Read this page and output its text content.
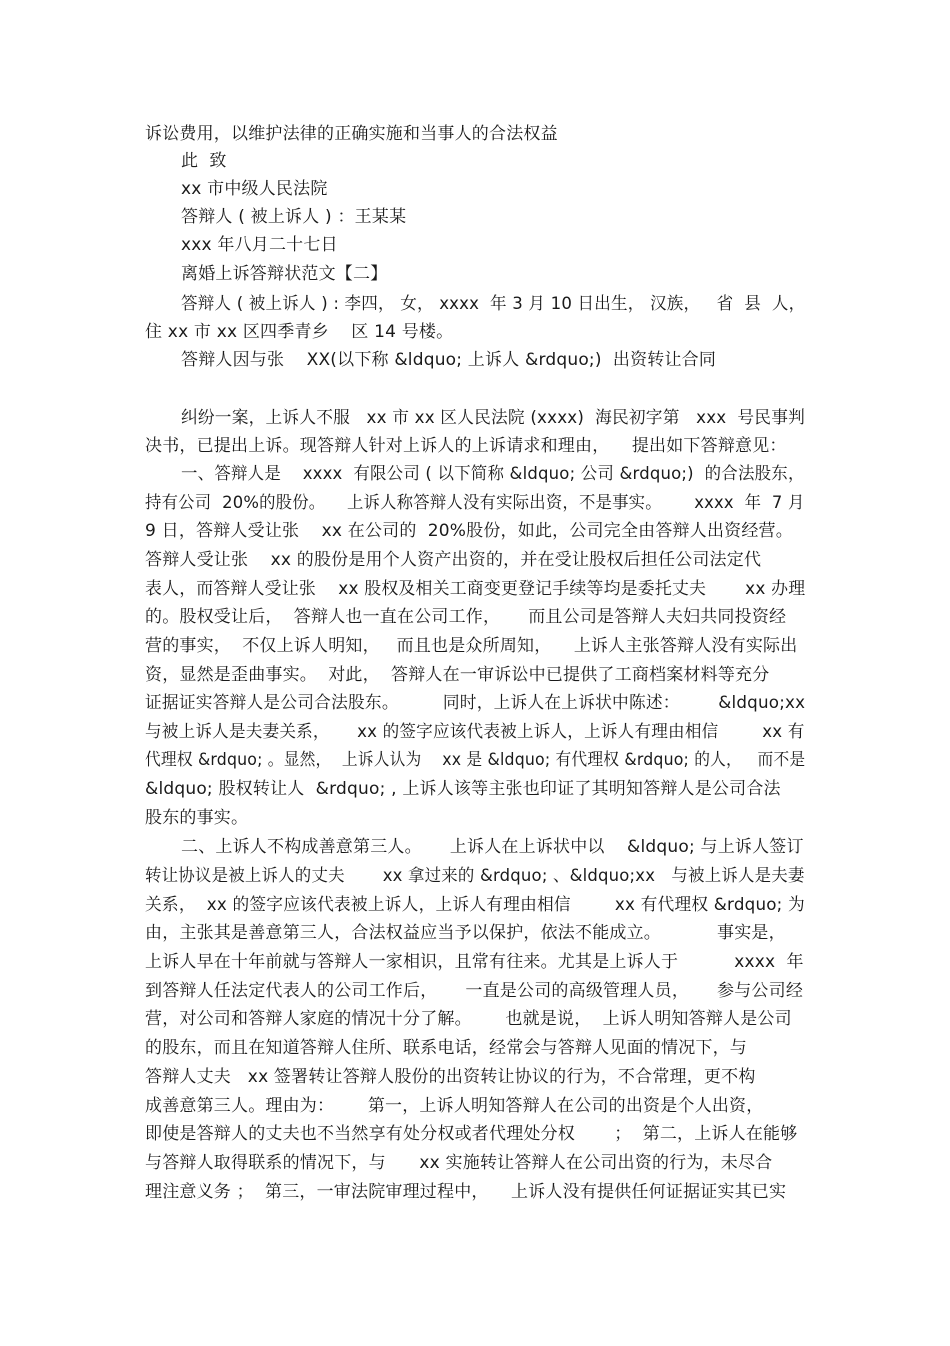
诉讼费用，以维护法律的正确实施和当事人的合法权益
此  致
xx 市中级人民法院
答辩人 ( 被上诉人 ) ：王某某
xxx 年八月二十七日
离婚上诉答辩状范文【二】
答辩人 ( 被上诉人 ) : 李四， 女， xxxx  年 3 月 10 日出生， 汉族，   省  县  人，
住 xx 市 xx 区四季青乡    区 14 号楼。
答辩人因与张    XX(以下称 &ldquo; 上诉人 &rdquo;)  出资转让合同
纠纷一案，上诉人不服   xx 市 xx 区人民法院 (xxxx)  海民初字第   xxx  号民事判
决书，已提出上诉。现答辩人针对上诉人的上诉请求和理由，    提出如下答辩意见：
一、答辩人是    xxxx  有限公司 ( 以下简称 &ldquo; 公司 &rdquo;)  的合法股东，
持有公司  20%的股份。    上诉人称答辩人没有实际出资，不是事实。      xxxx  年  7 月
9 日，答辩人受让张    xx 在公司的  20%股份，如此，公司完全由答辩人出资经营。
答辩人受让张    xx 的股份是用个人资产出资的，并在受让股权后担任公司法定代
表人，而答辩人受让张    xx 股权及相关工商变更登记手续等均是委托丈夫       xx 办理
的。股权受让后，  答辩人也一直在公司工作，     而且公司是答辩人夫妇共同投资经
营的事实，  不仅上诉人明知，   而且也是众所周知，    上诉人主张答辩人没有实际出
资，显然是歪曲事实。  对此，  答辩人在一审诉讼中已提供了工商档案材料等充分
证据证实答辩人是公司合法股东。        同时，上诉人在上诉状中陈述：       &ldquo;xx
与被上诉人是夫妻关系，     xx 的签字应该代表被上诉人，上诉人有理由相信        xx 有
代理权 &rdquo; 。显然，  上诉人认为    xx 是 &ldquo; 有代理权 &rdquo; 的人，   而不是
&ldquo; 股权转让人  &rdquo; , 上诉人该等主张也印证了其明知答辩人是公司合法
股东的事实。
二、上诉人不构成善意第三人。     上诉人在上诉状中以    &ldquo; 与上诉人签订
转让协议是被上诉人的丈夫       xx 拿过来的 &rdquo; 、&ldquo;xx   与被上诉人是夫妻
关系，  xx 的签字应该代表被上诉人，上诉人有理由相信        xx 有代理权 &rdquo; 为
由，主张其是善意第三人，合法权益应当予以保护，依法不能成立。          事实是，
上诉人早在十年前就与答辩人一家相识，且常有往来。尤其是上诉人于          xxxx  年
到答辩人任法定代表人的公司工作后，     一直是公司的高级管理人员，     参与公司经
营，对公司和答辩人家庭的情况十分了解。      也就是说，  上诉人明知答辩人是公司
的股东，而且在知道答辩人住所、联系电话，经常会与答辩人见面的情况下，与
答辩人丈夫   xx 签署转让答辩人股份的出资转让协议的行为，不合常理，更不构
成善意第三人。理由为：      第一，上诉人明知答辩人在公司的出资是个人出资，
即使是答辩人的丈夫也不当然享有处分权或者代理处分权       ；  第二，上诉人在能够
与答辩人取得联系的情况下，与      xx 实施转让答辩人在公司出资的行为，未尽合
理注意义务 ；  第三，一审法院审理过程中，    上诉人没有提供任何证据证实其已实
